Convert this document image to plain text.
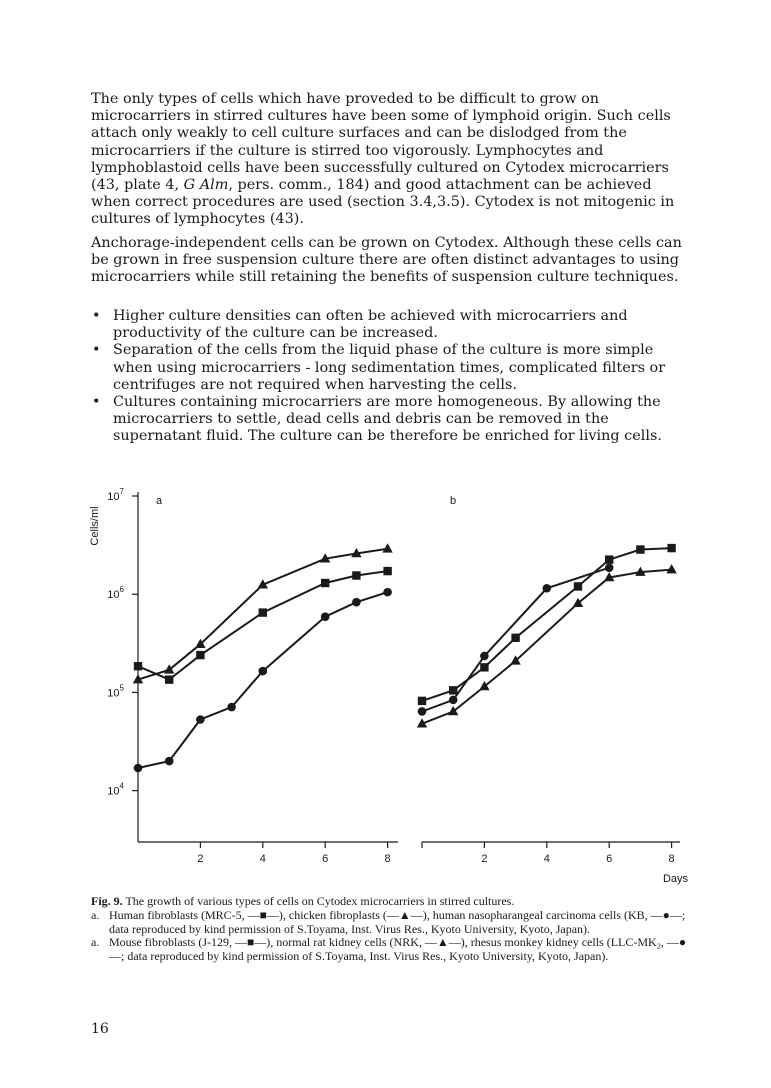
The only types of cells which have proveded to be difficult to grow on microcarriers in stirred cultures have been some of lymphoid origin. Such cells attach only weakly to cell culture surfaces and can be dislodged from the microcarriers if the culture is stirred too vigorously. Lymphocytes and lymphoblastoid cells have been successfully cultured on Cytodex microcarriers (43, plate 4, G Alm, pers. comm., 184) and good attachment can be achieved when correct procedures are used (section 3.4,3.5). Cytodex is not mitogenic in cultures of lymphocytes (43).

Anchorage-independent cells can be grown on Cytodex. Although these cells can be grown in free suspension culture there are often distinct advantages to using microcarriers while still retaining the benefits of suspension culture techniques.

• Higher culture densities can often be achieved with microcarriers and productivity of the culture can be increased.
• Separation of the cells from the liquid phase of the culture is more simple when using microcarriers - long sedimentation times, complicated filters or centrifuges are not required when harvesting the cells.
• Cultures containing microcarriers are more homogeneous. By allowing the microcarriers to settle, dead cells and debris can be removed in the supernatant fluid. The culture can be therefore be enriched for living cells.
2	4	6	8
$10^7$
$10^6$
$10^5$
$10^4$
Cells/ml
a
2	4	6	8
Days
b

Fig. 9. The growth of various types of cells on Cytodex microcarriers in stirred cultures.

a. Human fibroblasts (MRC-5, —■—), chicken fibroplasts (—▲—), human nasopharangeal carcinoma cells (KB, —●—; data reproduced by kind permission of S.Toyama, Inst. Virus Res., Kyoto University, Kyoto, Japan).

a. Mouse fibroblasts (J-129, —■—), normal rat kidney cells (NRK, —▲—), rhesus monkey kidney cells (LLC-MK₂, —●—; data reproduced by kind permission of S.Toyama, Inst. Virus Res., Kyoto University, Kyoto, Japan).

16
